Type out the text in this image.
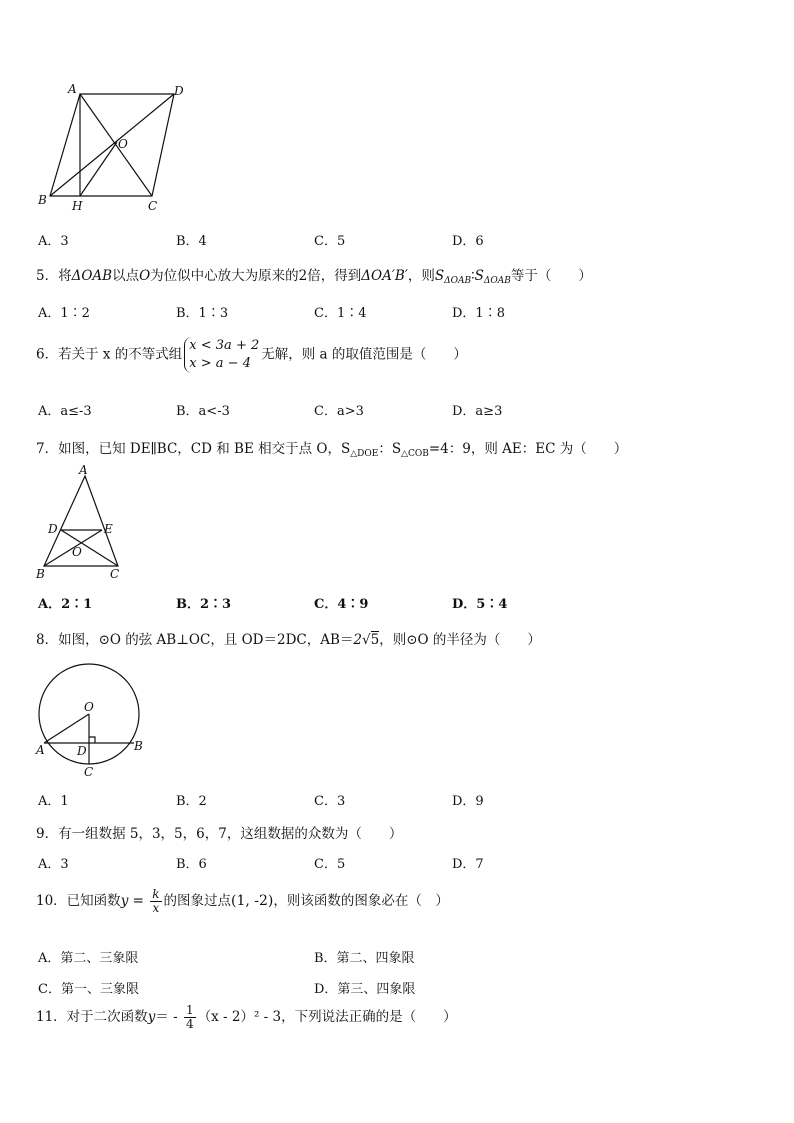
A	D
O
B H	C
A．3	B．4	C．5	D．6
5．将ΔOAB以点O为位似中心放大为原来的2倍，得到ΔOA′B′，则$S_{\Delta OAB}∶S_{\Delta OAB}$等于（　　）
A．1∶2	B．1∶3	C．1∶4	D．1∶8
6．若关于 x 的不等式组
x < 3a + 2
x > a − 4
无解，则 a 的取值范围是（　　）
A．a≤-3	B．a<-3	C．a>3	D．a≥3
7．如图，已知 DE∥BC，CD 和 BE 相交于点 O，$S_{\triangle DOE}$：$S_{\triangle COB}=4$：9，则 AE：EC 为（　　）
A
D	E
O
B	C
A．2∶1	B．2∶3	C．4∶9	D．5∶4
8．如图，⊙O 的弦 AB⊥OC，且 OD＝2DC，AB＝2√5，则⊙O 的半径为（　　）
O
A	D	B
C
A．1	B．2	C．3	D．9
9．有一组数据 5，3，5，6，7，这组数据的众数为（　　）
A．3	B．6	C．5	D．7
10．已知函数$y = \frac{k}{x}$ 的图象过点(1, -2)，则该函数的图象必在（　）
A．第二、三象限	B．第二、四象限
C．第一、三象限	D．第三、四象限
11．对于二次函数$y= - \frac{1}{4} (x - 2)^2 - 3$，下列说法正确的是（　　）
